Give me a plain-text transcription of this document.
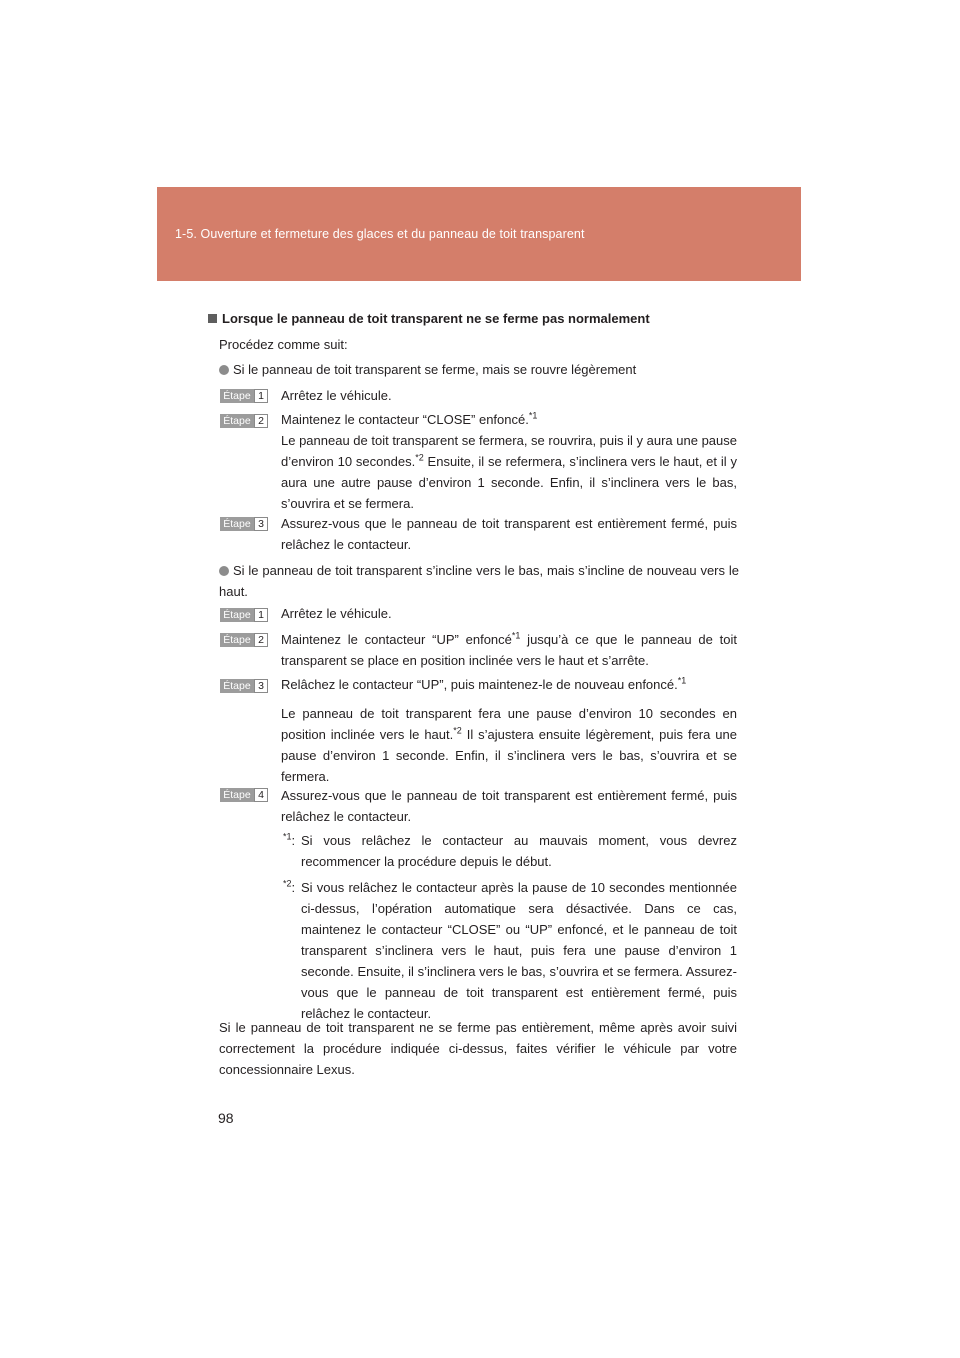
1-5. Ouverture et fermeture des glaces et du panneau de toit transparent
Lorsque le panneau de toit transparent ne se ferme pas normalement
Procédez comme suit:
Si le panneau de toit transparent se ferme, mais se rouvre légèrement
Étape 1	Arrêtez le véhicule.
Étape 2	Maintenez le contacteur “CLOSE” enfoncé.$^{*1}$
Le panneau de toit transparent se fermera, se rouvrira, puis il y aura une pause d’environ 10 secondes.$^{*2}$ Ensuite, il se refermera, s’inclinera vers le haut, et il y aura une autre pause d’environ 1 seconde. Enfin, il s’inclinera vers le bas, s’ouvrira et se fermera.
Étape 3	Assurez-vous que le panneau de toit transparent est entièrement fermé, puis relâchez le contacteur.
Si le panneau de toit transparent s’incline vers le bas, mais s’incline de nouveau vers le haut.
Étape 1	Arrêtez le véhicule.
Étape 2	Maintenez le contacteur “UP” enfoncé$^{*1}$ jusqu’à ce que le panneau de toit transparent se place en position inclinée vers le haut et s’arrête.
Étape 3	Relâchez le contacteur “UP”, puis maintenez-le de nouveau enfoncé.$^{*1}$
Le panneau de toit transparent fera une pause d’environ 10 secondes en position inclinée vers le haut.$^{*2}$ Il s’ajustera ensuite légèrement, puis fera une pause d’environ 1 seconde. Enfin, il s’inclinera vers le bas, s’ouvrira et se fermera.
Étape 4	Assurez-vous que le panneau de toit transparent est entièrement fermé, puis relâchez le contacteur.
$^{*1}$: Si vous relâchez le contacteur au mauvais moment, vous devrez recommencer la procédure depuis le début.
$^{*2}$: Si vous relâchez le contacteur après la pause de 10 secondes mentionnée ci-dessus, l’opération automatique sera désactivée. Dans ce cas, maintenez le contacteur “CLOSE” ou “UP” enfoncé, et le panneau de toit transparent s’inclinera vers le haut, puis fera une pause d’environ 1 seconde. Ensuite, il s’inclinera vers le bas, s’ouvrira et se fermera. Assurez-vous que le panneau de toit transparent est entièrement fermé, puis relâchez le contacteur.
Si le panneau de toit transparent ne se ferme pas entièrement, même après avoir suivi correctement la procédure indiquée ci-dessus, faites vérifier le véhicule par votre concessionnaire Lexus.
98
